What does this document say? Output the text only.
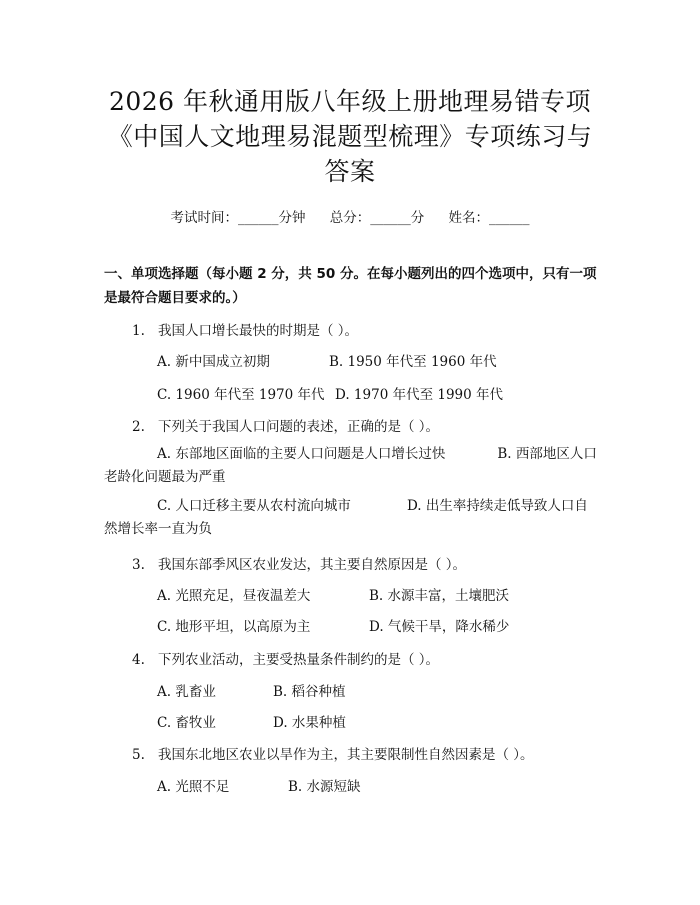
2026 年秋通用版八年级上册地理易错专项
《中国人文地理易混题型梳理》专项练习与
答案
考试时间：______分钟 总分：______分 姓名：______
一、单项选择题（每小题 2 分，共 50 分。在每小题列出的四个选项中，只有一项是最符合题目要求的。）
1. 我国人口增长最快的时期是（ ）。
A. 新中国成立初期	B. 1950 年代至 1960 年代
C. 1960 年代至 1970 年代 D. 1970 年代至 1990 年代
2. 下列关于我国人口问题的表述，正确的是（ ）。
A. 东部地区面临的主要人口问题是人口增长过快	B. 西部地区人口老龄化问题最为严重
C. 人口迁移主要从农村流向城市	D. 出生率持续走低导致人口自然增长率一直为负
3. 我国东部季风区农业发达，其主要自然原因是（ ）。
A. 光照充足，昼夜温差大	B. 水源丰富，土壤肥沃
C. 地形平坦，以高原为主	D. 气候干旱，降水稀少
4. 下列农业活动，主要受热量条件制约的是（ ）。
A. 乳畜业	B. 稻谷种植
C. 畜牧业	D. 水果种植
5. 我国东北地区农业以旱作为主，其主要限制性自然因素是（ ）。
A. 光照不足	B. 水源短缺
